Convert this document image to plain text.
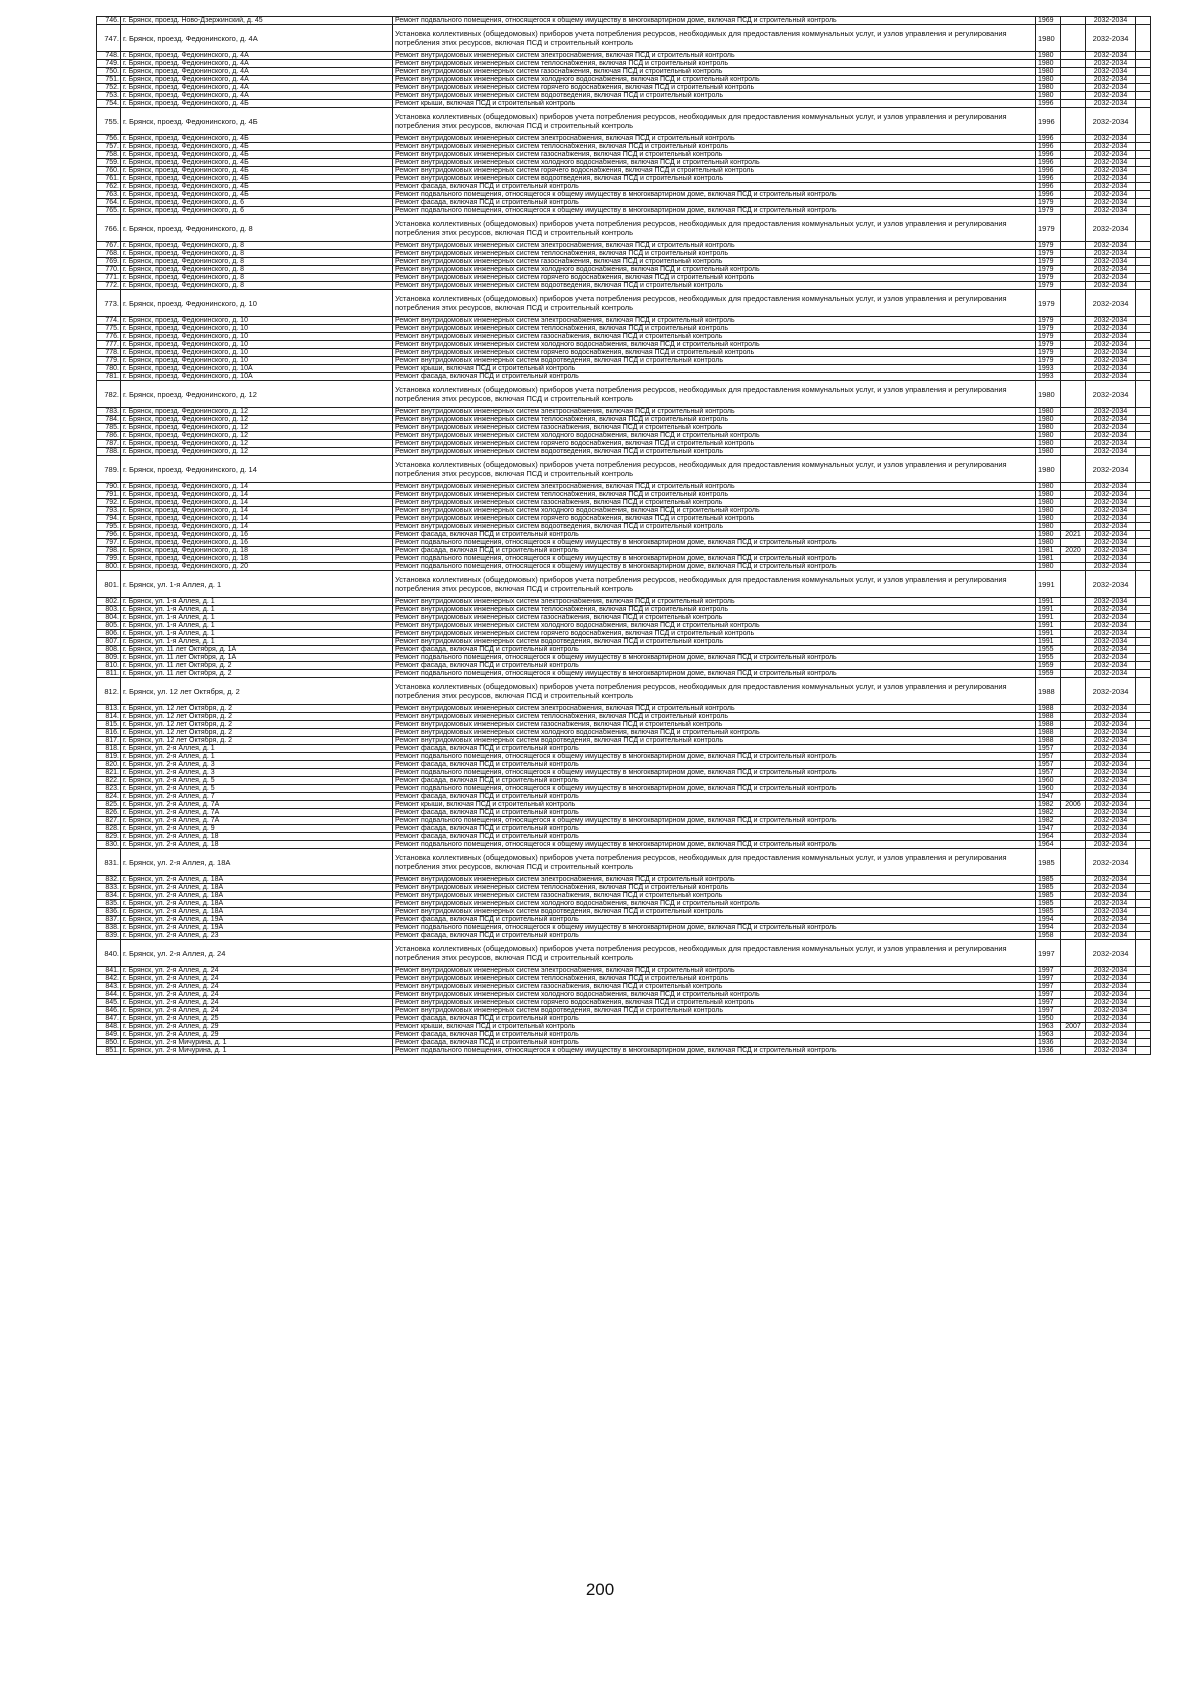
746.	г. Брянск, проезд. Ново-Дзержинский, д. 45	Ремонт подвального помещения, относящегося к общему имуществу в многоквартирном доме, включая ПСД и строительный контроль	1969		2032-2034	
747.	г. Брянск, проезд. Федюнинского, д. 4А	Установка коллективных (общедомовых) приборов учета потребления ресурсов, необходимых для предоставления коммунальных услуг, и узлов управления и регулирования потребления этих ресурсов, включая ПСД и строительный контроль	1980		2032-2034	
748.	г. Брянск, проезд. Федюнинского, д. 4А	Ремонт внутридомовых инженерных систем электроснабжения, включая ПСД и строительный контроль	1980		2032-2034	
749.	г. Брянск, проезд. Федюнинского, д. 4А	Ремонт внутридомовых инженерных систем теплоснабжения, включая ПСД и строительный контроль	1980		2032-2034	
750.	г. Брянск, проезд. Федюнинского, д. 4А	Ремонт внутридомовых инженерных систем газоснабжения, включая ПСД и строительный контроль	1980		2032-2034	
751.	г. Брянск, проезд. Федюнинского, д. 4А	Ремонт внутридомовых инженерных систем холодного водоснабжения, включая ПСД и строительный контроль	1980		2032-2034	
752.	г. Брянск, проезд. Федюнинского, д. 4А	Ремонт внутридомовых инженерных систем горячего водоснабжения, включая ПСД и строительный контроль	1980		2032-2034	
753.	г. Брянск, проезд. Федюнинского, д. 4А	Ремонт внутридомовых инженерных систем водоотведения, включая ПСД и строительный контроль	1980		2032-2034	
754.	г. Брянск, проезд. Федюнинского, д. 4Б	Ремонт крыши, включая ПСД и строительный контроль	1996		2032-2034	
755.	г. Брянск, проезд. Федюнинского, д. 4Б	Установка коллективных (общедомовых) приборов учета потребления ресурсов, необходимых для предоставления коммунальных услуг, и узлов управления и регулирования потребления этих ресурсов, включая ПСД и строительный контроль	1996		2032-2034	
756.	г. Брянск, проезд. Федюнинского, д. 4Б	Ремонт внутридомовых инженерных систем электроснабжения, включая ПСД и строительный контроль	1996		2032-2034	
757.	г. Брянск, проезд. Федюнинского, д. 4Б	Ремонт внутридомовых инженерных систем теплоснабжения, включая ПСД и строительный контроль	1996		2032-2034	
758.	г. Брянск, проезд. Федюнинского, д. 4Б	Ремонт внутридомовых инженерных систем газоснабжения, включая ПСД и строительный контроль	1996		2032-2034	
759.	г. Брянск, проезд. Федюнинского, д. 4Б	Ремонт внутридомовых инженерных систем холодного водоснабжения, включая ПСД и строительный контроль	1996		2032-2034	
760.	г. Брянск, проезд. Федюнинского, д. 4Б	Ремонт внутридомовых инженерных систем горячего водоснабжения, включая ПСД и строительный контроль	1996		2032-2034	
761.	г. Брянск, проезд. Федюнинского, д. 4Б	Ремонт внутридомовых инженерных систем водоотведения, включая ПСД и строительный контроль	1996		2032-2034	
762.	г. Брянск, проезд. Федюнинского, д. 4Б	Ремонт фасада, включая ПСД и строительный контроль	1996		2032-2034	
763.	г. Брянск, проезд. Федюнинского, д. 4Б	Ремонт подвального помещения, относящегося к общему имуществу в многоквартирном доме, включая ПСД и строительный контроль	1996		2032-2034	
764.	г. Брянск, проезд. Федюнинского, д. 6	Ремонт фасада, включая ПСД и строительный контроль	1979		2032-2034	
765.	г. Брянск, проезд. Федюнинского, д. 6	Ремонт подвального помещения, относящегося к общему имуществу в многоквартирном доме, включая ПСД и строительный контроль	1979		2032-2034	
766.	г. Брянск, проезд. Федюнинского, д. 8	Установка коллективных (общедомовых) приборов учета потребления ресурсов, необходимых для предоставления коммунальных услуг, и узлов управления и регулирования потребления этих ресурсов, включая ПСД и строительный контроль	1979		2032-2034	
767.	г. Брянск, проезд. Федюнинского, д. 8	Ремонт внутридомовых инженерных систем электроснабжения, включая ПСД и строительный контроль	1979		2032-2034	
768.	г. Брянск, проезд. Федюнинского, д. 8	Ремонт внутридомовых инженерных систем теплоснабжения, включая ПСД и строительный контроль	1979		2032-2034	
769.	г. Брянск, проезд. Федюнинского, д. 8	Ремонт внутридомовых инженерных систем газоснабжения, включая ПСД и строительный контроль	1979		2032-2034	
770.	г. Брянск, проезд. Федюнинского, д. 8	Ремонт внутридомовых инженерных систем холодного водоснабжения, включая ПСД и строительный контроль	1979		2032-2034	
771.	г. Брянск, проезд. Федюнинского, д. 8	Ремонт внутридомовых инженерных систем горячего водоснабжения, включая ПСД и строительный контроль	1979		2032-2034	
772.	г. Брянск, проезд. Федюнинского, д. 8	Ремонт внутридомовых инженерных систем водоотведения, включая ПСД и строительный контроль	1979		2032-2034	
773.	г. Брянск, проезд. Федюнинского, д. 10	Установка коллективных (общедомовых) приборов учета потребления ресурсов, необходимых для предоставления коммунальных услуг, и узлов управления и регулирования потребления этих ресурсов, включая ПСД и строительный контроль	1979		2032-2034	
774.	г. Брянск, проезд. Федюнинского, д. 10	Ремонт внутридомовых инженерных систем электроснабжения, включая ПСД и строительный контроль	1979		2032-2034	
775.	г. Брянск, проезд. Федюнинского, д. 10	Ремонт внутридомовых инженерных систем теплоснабжения, включая ПСД и строительный контроль	1979		2032-2034	
776.	г. Брянск, проезд. Федюнинского, д. 10	Ремонт внутридомовых инженерных систем газоснабжения, включая ПСД и строительный контроль	1979		2032-2034	
777.	г. Брянск, проезд. Федюнинского, д. 10	Ремонт внутридомовых инженерных систем холодного водоснабжения, включая ПСД и строительный контроль	1979		2032-2034	
778.	г. Брянск, проезд. Федюнинского, д. 10	Ремонт внутридомовых инженерных систем горячего водоснабжения, включая ПСД и строительный контроль	1979		2032-2034	
779.	г. Брянск, проезд. Федюнинского, д. 10	Ремонт внутридомовых инженерных систем водоотведения, включая ПСД и строительный контроль	1979		2032-2034	
780.	г. Брянск, проезд. Федюнинского, д. 10А	Ремонт крыши, включая ПСД и строительный контроль	1993		2032-2034	
781.	г. Брянск, проезд. Федюнинского, д. 10А	Ремонт фасада, включая ПСД и строительный контроль	1993		2032-2034	
782.	г. Брянск, проезд. Федюнинского, д. 12	Установка коллективных (общедомовых) приборов учета потребления ресурсов, необходимых для предоставления коммунальных услуг, и узлов управления и регулирования потребления этих ресурсов, включая ПСД и строительный контроль	1980		2032-2034	
783.	г. Брянск, проезд. Федюнинского, д. 12	Ремонт внутридомовых инженерных систем электроснабжения, включая ПСД и строительный контроль	1980		2032-2034	
784.	г. Брянск, проезд. Федюнинского, д. 12	Ремонт внутридомовых инженерных систем теплоснабжения, включая ПСД и строительный контроль	1980		2032-2034	
785.	г. Брянск, проезд. Федюнинского, д. 12	Ремонт внутридомовых инженерных систем газоснабжения, включая ПСД и строительный контроль	1980		2032-2034	
786.	г. Брянск, проезд. Федюнинского, д. 12	Ремонт внутридомовых инженерных систем холодного водоснабжения, включая ПСД и строительный контроль	1980		2032-2034	
787.	г. Брянск, проезд. Федюнинского, д. 12	Ремонт внутридомовых инженерных систем горячего водоснабжения, включая ПСД и строительный контроль	1980		2032-2034	
788.	г. Брянск, проезд. Федюнинского, д. 12	Ремонт внутридомовых инженерных систем водоотведения, включая ПСД и строительный контроль	1980		2032-2034	
789.	г. Брянск, проезд. Федюнинского, д. 14	Установка коллективных (общедомовых) приборов учета потребления ресурсов, необходимых для предоставления коммунальных услуг, и узлов управления и регулирования потребления этих ресурсов, включая ПСД и строительный контроль	1980		2032-2034	
790.	г. Брянск, проезд. Федюнинского, д. 14	Ремонт внутридомовых инженерных систем электроснабжения, включая ПСД и строительный контроль	1980		2032-2034	
791.	г. Брянск, проезд. Федюнинского, д. 14	Ремонт внутридомовых инженерных систем теплоснабжения, включая ПСД и строительный контроль	1980		2032-2034	
792.	г. Брянск, проезд. Федюнинского, д. 14	Ремонт внутридомовых инженерных систем газоснабжения, включая ПСД и строительный контроль	1980		2032-2034	
793.	г. Брянск, проезд. Федюнинского, д. 14	Ремонт внутридомовых инженерных систем холодного водоснабжения, включая ПСД и строительный контроль	1980		2032-2034	
794.	г. Брянск, проезд. Федюнинского, д. 14	Ремонт внутридомовых инженерных систем горячего водоснабжения, включая ПСД и строительный контроль	1980		2032-2034	
795.	г. Брянск, проезд. Федюнинского, д. 14	Ремонт внутридомовых инженерных систем водоотведения, включая ПСД и строительный контроль	1980		2032-2034	
796.	г. Брянск, проезд. Федюнинского, д. 16	Ремонт фасада, включая ПСД и строительный контроль	1980	2021	2032-2034	
797.	г. Брянск, проезд. Федюнинского, д. 16	Ремонт подвального помещения, относящегося к общему имуществу в многоквартирном доме, включая ПСД и строительный контроль	1980		2032-2034	
798.	г. Брянск, проезд. Федюнинского, д. 18	Ремонт фасада, включая ПСД и строительный контроль	1981	2020	2032-2034	
799.	г. Брянск, проезд. Федюнинского, д. 18	Ремонт подвального помещения, относящегося к общему имуществу в многоквартирном доме, включая ПСД и строительный контроль	1981		2032-2034	
800.	г. Брянск, проезд. Федюнинского, д. 20	Ремонт подвального помещения, относящегося к общему имуществу в многоквартирном доме, включая ПСД и строительный контроль	1980		2032-2034	
801.	г. Брянск, ул. 1-я Аллея, д. 1	Установка коллективных (общедомовых) приборов учета потребления ресурсов, необходимых для предоставления коммунальных услуг, и узлов управления и регулирования потребления этих ресурсов, включая ПСД и строительный контроль	1991		2032-2034	
802.	г. Брянск, ул. 1-я Аллея, д. 1	Ремонт внутридомовых инженерных систем электроснабжения, включая ПСД и строительный контроль	1991		2032-2034	
803.	г. Брянск, ул. 1-я Аллея, д. 1	Ремонт внутридомовых инженерных систем теплоснабжения, включая ПСД и строительный контроль	1991		2032-2034	
804.	г. Брянск, ул. 1-я Аллея, д. 1	Ремонт внутридомовых инженерных систем газоснабжения, включая ПСД и строительный контроль	1991		2032-2034	
805.	г. Брянск, ул. 1-я Аллея, д. 1	Ремонт внутридомовых инженерных систем холодного водоснабжения, включая ПСД и строительный контроль	1991		2032-2034	
806.	г. Брянск, ул. 1-я Аллея, д. 1	Ремонт внутридомовых инженерных систем горячего водоснабжения, включая ПСД и строительный контроль	1991		2032-2034	
807.	г. Брянск, ул. 1-я Аллея, д. 1	Ремонт внутридомовых инженерных систем водоотведения, включая ПСД и строительный контроль	1991		2032-2034	
808.	г. Брянск, ул. 11 лет Октября, д. 1А	Ремонт фасада, включая ПСД и строительный контроль	1955		2032-2034	
809.	г. Брянск, ул. 11 лет Октября, д. 1А	Ремонт подвального помещения, относящегося к общему имуществу в многоквартирном доме, включая ПСД и строительный контроль	1955		2032-2034	
810.	г. Брянск, ул. 11 лет Октября, д. 2	Ремонт фасада, включая ПСД и строительный контроль	1959		2032-2034	
811.	г. Брянск, ул. 11 лет Октября, д. 2	Ремонт подвального помещения, относящегося к общему имуществу в многоквартирном доме, включая ПСД и строительный контроль	1959		2032-2034	
812.	г. Брянск, ул. 12 лет Октября, д. 2	Установка коллективных (общедомовых) приборов учета потребления ресурсов, необходимых для предоставления коммунальных услуг, и узлов управления и регулирования потребления этих ресурсов, включая ПСД и строительный контроль	1988		2032-2034	
813.	г. Брянск, ул. 12 лет Октября, д. 2	Ремонт внутридомовых инженерных систем электроснабжения, включая ПСД и строительный контроль	1988		2032-2034	
814.	г. Брянск, ул. 12 лет Октября, д. 2	Ремонт внутридомовых инженерных систем теплоснабжения, включая ПСД и строительный контроль	1988		2032-2034	
815.	г. Брянск, ул. 12 лет Октября, д. 2	Ремонт внутридомовых инженерных систем газоснабжения, включая ПСД и строительный контроль	1988		2032-2034	
816.	г. Брянск, ул. 12 лет Октября, д. 2	Ремонт внутридомовых инженерных систем холодного водоснабжения, включая ПСД и строительный контроль	1988		2032-2034	
817.	г. Брянск, ул. 12 лет Октября, д. 2	Ремонт внутридомовых инженерных систем водоотведения, включая ПСД и строительный контроль	1988		2032-2034	
818.	г. Брянск, ул. 2-я Аллея, д. 1	Ремонт фасада, включая ПСД и строительный контроль	1957		2032-2034	
819.	г. Брянск, ул. 2-я Аллея, д. 1	Ремонт подвального помещения, относящегося к общему имуществу в многоквартирном доме, включая ПСД и строительный контроль	1957		2032-2034	
820.	г. Брянск, ул. 2-я Аллея, д. 3	Ремонт фасада, включая ПСД и строительный контроль	1957		2032-2034	
821.	г. Брянск, ул. 2-я Аллея, д. 3	Ремонт подвального помещения, относящегося к общему имуществу в многоквартирном доме, включая ПСД и строительный контроль	1957		2032-2034	
822.	г. Брянск, ул. 2-я Аллея, д. 5	Ремонт фасада, включая ПСД и строительный контроль	1960		2032-2034	
823.	г. Брянск, ул. 2-я Аллея, д. 5	Ремонт подвального помещения, относящегося к общему имуществу в многоквартирном доме, включая ПСД и строительный контроль	1960		2032-2034	
824.	г. Брянск, ул. 2-я Аллея, д. 7	Ремонт фасада, включая ПСД и строительный контроль	1947		2032-2034	
825.	г. Брянск, ул. 2-я Аллея, д. 7А	Ремонт крыши, включая ПСД и строительный контроль	1982	2006	2032-2034	
826.	г. Брянск, ул. 2-я Аллея, д. 7А	Ремонт фасада, включая ПСД и строительный контроль	1982		2032-2034	
827.	г. Брянск, ул. 2-я Аллея, д. 7А	Ремонт подвального помещения, относящегося к общему имуществу в многоквартирном доме, включая ПСД и строительный контроль	1982		2032-2034	
828.	г. Брянск, ул. 2-я Аллея, д. 9	Ремонт фасада, включая ПСД и строительный контроль	1947		2032-2034	
829.	г. Брянск, ул. 2-я Аллея, д. 18	Ремонт фасада, включая ПСД и строительный контроль	1964		2032-2034	
830.	г. Брянск, ул. 2-я Аллея, д. 18	Ремонт подвального помещения, относящегося к общему имуществу в многоквартирном доме, включая ПСД и строительный контроль	1964		2032-2034	
831.	г. Брянск, ул. 2-я Аллея, д. 18А	Установка коллективных (общедомовых) приборов учета потребления ресурсов, необходимых для предоставления коммунальных услуг, и узлов управления и регулирования потребления этих ресурсов, включая ПСД и строительный контроль	1985		2032-2034	
832.	г. Брянск, ул. 2-я Аллея, д. 18А	Ремонт внутридомовых инженерных систем электроснабжения, включая ПСД и строительный контроль	1985		2032-2034	
833.	г. Брянск, ул. 2-я Аллея, д. 18А	Ремонт внутридомовых инженерных систем теплоснабжения, включая ПСД и строительный контроль	1985		2032-2034	
834.	г. Брянск, ул. 2-я Аллея, д. 18А	Ремонт внутридомовых инженерных систем газоснабжения, включая ПСД и строительный контроль	1985		2032-2034	
835.	г. Брянск, ул. 2-я Аллея, д. 18А	Ремонт внутридомовых инженерных систем холодного водоснабжения, включая ПСД и строительный контроль	1985		2032-2034	
836.	г. Брянск, ул. 2-я Аллея, д. 18А	Ремонт внутридомовых инженерных систем водоотведения, включая ПСД и строительный контроль	1985		2032-2034	
837.	г. Брянск, ул. 2-я Аллея, д. 19А	Ремонт фасада, включая ПСД и строительный контроль	1994		2032-2034	
838.	г. Брянск, ул. 2-я Аллея, д. 19А	Ремонт подвального помещения, относящегося к общему имуществу в многоквартирном доме, включая ПСД и строительный контроль	1994		2032-2034	
839.	г. Брянск, ул. 2-я Аллея, д. 23	Ремонт фасада, включая ПСД и строительный контроль	1958		2032-2034	
840.	г. Брянск, ул. 2-я Аллея, д. 24	Установка коллективных (общедомовых) приборов учета потребления ресурсов, необходимых для предоставления коммунальных услуг, и узлов управления и регулирования потребления этих ресурсов, включая ПСД и строительный контроль	1997		2032-2034	
841.	г. Брянск, ул. 2-я Аллея, д. 24	Ремонт внутридомовых инженерных систем электроснабжения, включая ПСД и строительный контроль	1997		2032-2034	
842.	г. Брянск, ул. 2-я Аллея, д. 24	Ремонт внутридомовых инженерных систем теплоснабжения, включая ПСД и строительный контроль	1997		2032-2034	
843.	г. Брянск, ул. 2-я Аллея, д. 24	Ремонт внутридомовых инженерных систем газоснабжения, включая ПСД и строительный контроль	1997		2032-2034	
844.	г. Брянск, ул. 2-я Аллея, д. 24	Ремонт внутридомовых инженерных систем холодного водоснабжения, включая ПСД и строительный контроль	1997		2032-2034	
845.	г. Брянск, ул. 2-я Аллея, д. 24	Ремонт внутридомовых инженерных систем горячего водоснабжения, включая ПСД и строительный контроль	1997		2032-2034	
846.	г. Брянск, ул. 2-я Аллея, д. 24	Ремонт внутридомовых инженерных систем водоотведения, включая ПСД и строительный контроль	1997		2032-2034	
847.	г. Брянск, ул. 2-я Аллея, д. 25	Ремонт фасада, включая ПСД и строительный контроль	1950		2032-2034	
848.	г. Брянск, ул. 2-я Аллея, д. 29	Ремонт крыши, включая ПСД и строительный контроль	1963	2007	2032-2034	
849.	г. Брянск, ул. 2-я Аллея, д. 29	Ремонт фасада, включая ПСД и строительный контроль	1963		2032-2034	
850.	г. Брянск, ул. 2-я Мичурина, д. 1	Ремонт фасада, включая ПСД и строительный контроль	1936		2032-2034	
851.	г. Брянск, ул. 2-я Мичурина, д. 1	Ремонт подвального помещения, относящегося к общему имуществу в многоквартирном доме, включая ПСД и строительный контроль	1936		2032-2034	
200
